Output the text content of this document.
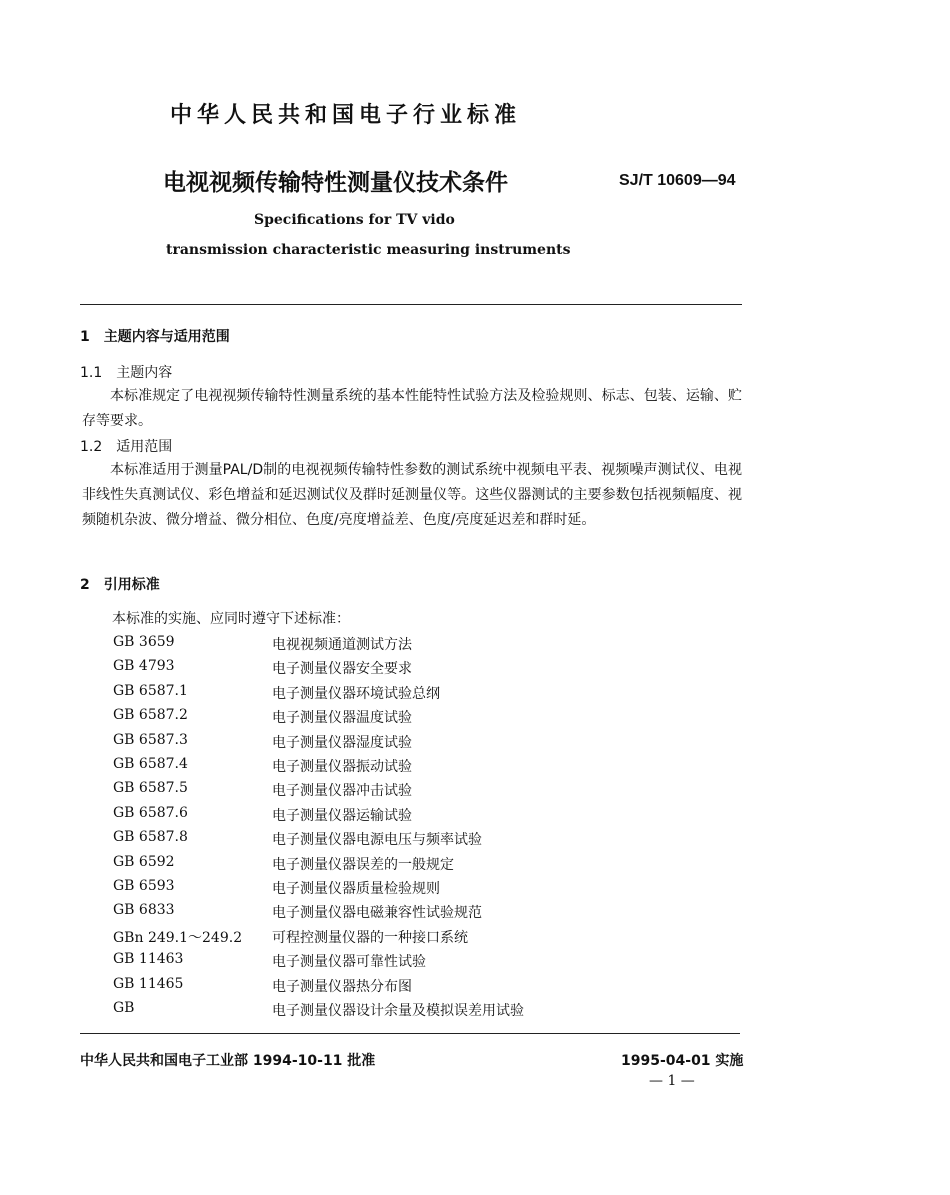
中华人民共和国电子行业标准
电视视频传输特性测量仪技术条件	SJ/T 10609—94
Specifications for TV vido
transmission characteristic measuring instruments
1　主题内容与适用范围
1.1　主题内容
本标准规定了电视视频传输特性测量系统的基本性能特性试验方法及检验规则、标志、包装、运输、贮存等要求。
1.2　适用范围
本标准适用于测量PAL/D制的电视视频传输特性参数的测试系统中视频电平表、视频噪声测试仪、电视非线性失真测试仪、彩色增益和延迟测试仪及群时延测量仪等。这些仪器测试的主要参数包括视频幅度、视频随机杂波、微分增益、微分相位、色度/亮度增益差、色度/亮度延迟差和群时延。
2　引用标准
本标准的实施、应同时遵守下述标准：
GB 3659	电视视频通道测试方法
GB 4793	电子测量仪器安全要求
GB 6587.1	电子测量仪器环境试验总纲
GB 6587.2	电子测量仪器温度试验
GB 6587.3	电子测量仪器湿度试验
GB 6587.4	电子测量仪器振动试验
GB 6587.5	电子测量仪器冲击试验
GB 6587.6	电子测量仪器运输试验
GB 6587.8	电子测量仪器电源电压与频率试验
GB 6592	电子测量仪器误差的一般规定
GB 6593	电子测量仪器质量检验规则
GB 6833	电子测量仪器电磁兼容性试验规范
GBn 249.1～249.2 可程控测量仪器的一种接口系统
GB 11463	电子测量仪器可靠性试验
GB 11465	电子测量仪器热分布图
GB	电子测量仪器设计余量及模拟误差用试验
中华人民共和国电子工业部 1994-10-11 批准	1995-04-01 实施
— 1 —
